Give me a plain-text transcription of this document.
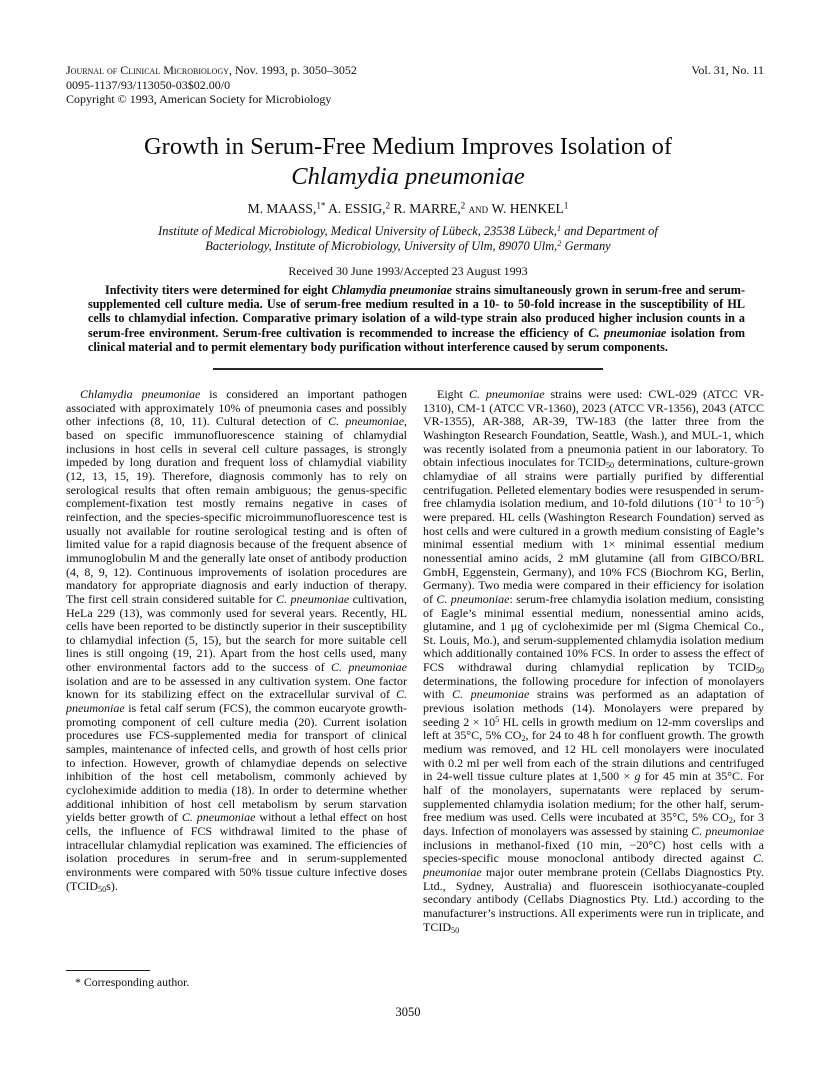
Journal of Clinical Microbiology, Nov. 1993, p. 3050–3052
0095-1137/93/113050-03$02.00/0
Copyright © 1993, American Society for Microbiology
Vol. 31, No. 11
Growth in Serum-Free Medium Improves Isolation of
Chlamydia pneumoniae
M. MAASS,$^{1*}$ A. ESSIG,$^2$ R. MARRE,$^2$ and W. HENKEL$^1$
Institute of Medical Microbiology, Medical University of Lübeck, 23538 Lübeck,$^1$ and Department of
Bacteriology, Institute of Microbiology, University of Ulm, 89070 Ulm,$^2$ Germany
Received 30 June 1993/Accepted 23 August 1993
Infectivity titers were determined for eight Chlamydia pneumoniae strains simultaneously grown in serum-free and serum-supplemented cell culture media. Use of serum-free medium resulted in a 10- to 50-fold increase in the susceptibility of HL cells to chlamydial infection. Comparative primary isolation of a wild-type strain also produced higher inclusion counts in a serum-free environment. Serum-free cultivation is recommended to increase the efficiency of C. pneumoniae isolation from clinical material and to permit elementary body purification without interference caused by serum components.

Chlamydia pneumoniae is considered an important pathogen associated with approximately 10% of pneumonia cases and possibly other infections (8, 10, 11). Cultural detection of C. pneumoniae, based on specific immunofluorescence staining of chlamydial inclusions in host cells in several cell culture passages, is strongly impeded by long duration and frequent loss of chlamydial viability (12, 13, 15, 19). Therefore, diagnosis commonly has to rely on serological results that often remain ambiguous; the genus-specific complement-fixation test mostly remains negative in cases of reinfection, and the species-specific microimmunofluorescence test is usually not available for routine serological testing and is often of limited value for a rapid diagnosis because of the frequent absence of immunoglobulin M and the generally late onset of antibody production (4, 8, 9, 12). Continuous improvements of isolation procedures are mandatory for appropriate diagnosis and early induction of therapy. The first cell strain considered suitable for C. pneumoniae cultivation, HeLa 229 (13), was commonly used for several years. Recently, HL cells have been reported to be distinctly superior in their susceptibility to chlamydial infection (5, 15), but the search for more suitable cell lines is still ongoing (19, 21). Apart from the host cells used, many other environmental factors add to the success of C. pneumoniae isolation and are to be assessed in any cultivation system. One factor known for its stabilizing effect on the extracellular survival of C. pneumoniae is fetal calf serum (FCS), the common eucaryote growth-promoting component of cell culture media (20). Current isolation procedures use FCS-supplemented media for transport of clinical samples, maintenance of infected cells, and growth of host cells prior to infection. However, growth of chlamydiae depends on selective inhibition of the host cell metabolism, commonly achieved by cycloheximide addition to media (18). In order to determine whether additional inhibition of host cell metabolism by serum starvation yields better growth of C. pneumoniae without a lethal effect on host cells, the influence of FCS withdrawal limited to the phase of intracellular chlamydial replication was examined. The efficiencies of isolation procedures in serum-free and in serum-supplemented environments were compared with 50% tissue culture infective doses (TCID50s).

Eight C. pneumoniae strains were used: CWL-029 (ATCC VR-1310), CM-1 (ATCC VR-1360), 2023 (ATCC VR-1356), 2043 (ATCC VR-1355), AR-388, AR-39, TW-183 (the latter three from the Washington Research Foundation, Seattle, Wash.), and MUL-1, which was recently isolated from a pneumonia patient in our laboratory. To obtain infectious inoculates for TCID50 determinations, culture-grown chlamydiae of all strains were partially purified by differential centrifugation. Pelleted elementary bodies were resuspended in serum-free chlamydia isolation medium, and 10-fold dilutions ($10^{-1}$ to $10^{-5}$) were prepared. HL cells (Washington Research Foundation) served as host cells and were cultured in a growth medium consisting of Eagle’s minimal essential medium with 1× minimal essential medium nonessential amino acids, 2 mM glutamine (all from GIBCO/BRL GmbH, Eggenstein, Germany), and 10% FCS (Biochrom KG, Berlin, Germany). Two media were compared in their efficiency for isolation of C. pneumoniae: serum-free chlamydia isolation medium, consisting of Eagle’s minimal essential medium, nonessential amino acids, glutamine, and 1 μg of cycloheximide per ml (Sigma Chemical Co., St. Louis, Mo.), and serum-supplemented chlamydia isolation medium which additionally contained 10% FCS. In order to assess the effect of FCS withdrawal during chlamydial replication by TCID50 determinations, the following procedure for infection of monolayers with C. pneumoniae strains was performed as an adaptation of previous isolation methods (14). Monolayers were prepared by seeding $2 \times 10^5$ HL cells in growth medium on 12-mm coverslips and left at 35°C, 5% CO2, for 24 to 48 h for confluent growth. The growth medium was removed, and 12 HL cell monolayers were inoculated with 0.2 ml per well from each of the strain dilutions and centrifuged in 24-well tissue culture plates at 1,500 × g for 45 min at 35°C. For half of the monolayers, supernatants were replaced by serum-supplemented chlamydia isolation medium; for the other half, serum-free medium was used. Cells were incubated at 35°C, 5% CO2, for 3 days. Infection of monolayers was assessed by staining C. pneumoniae inclusions in methanol-fixed (10 min, −20°C) host cells with a species-specific mouse monoclonal antibody directed against C. pneumoniae major outer membrane protein (Cellabs Diagnostics Pty. Ltd., Sydney, Australia) and fluorescein isothiocyanate-coupled secondary antibody (Cellabs Diagnostics Pty. Ltd.) according to the manufacturer’s instructions. All experiments were run in triplicate, and TCID50

* Corresponding author.
3050
